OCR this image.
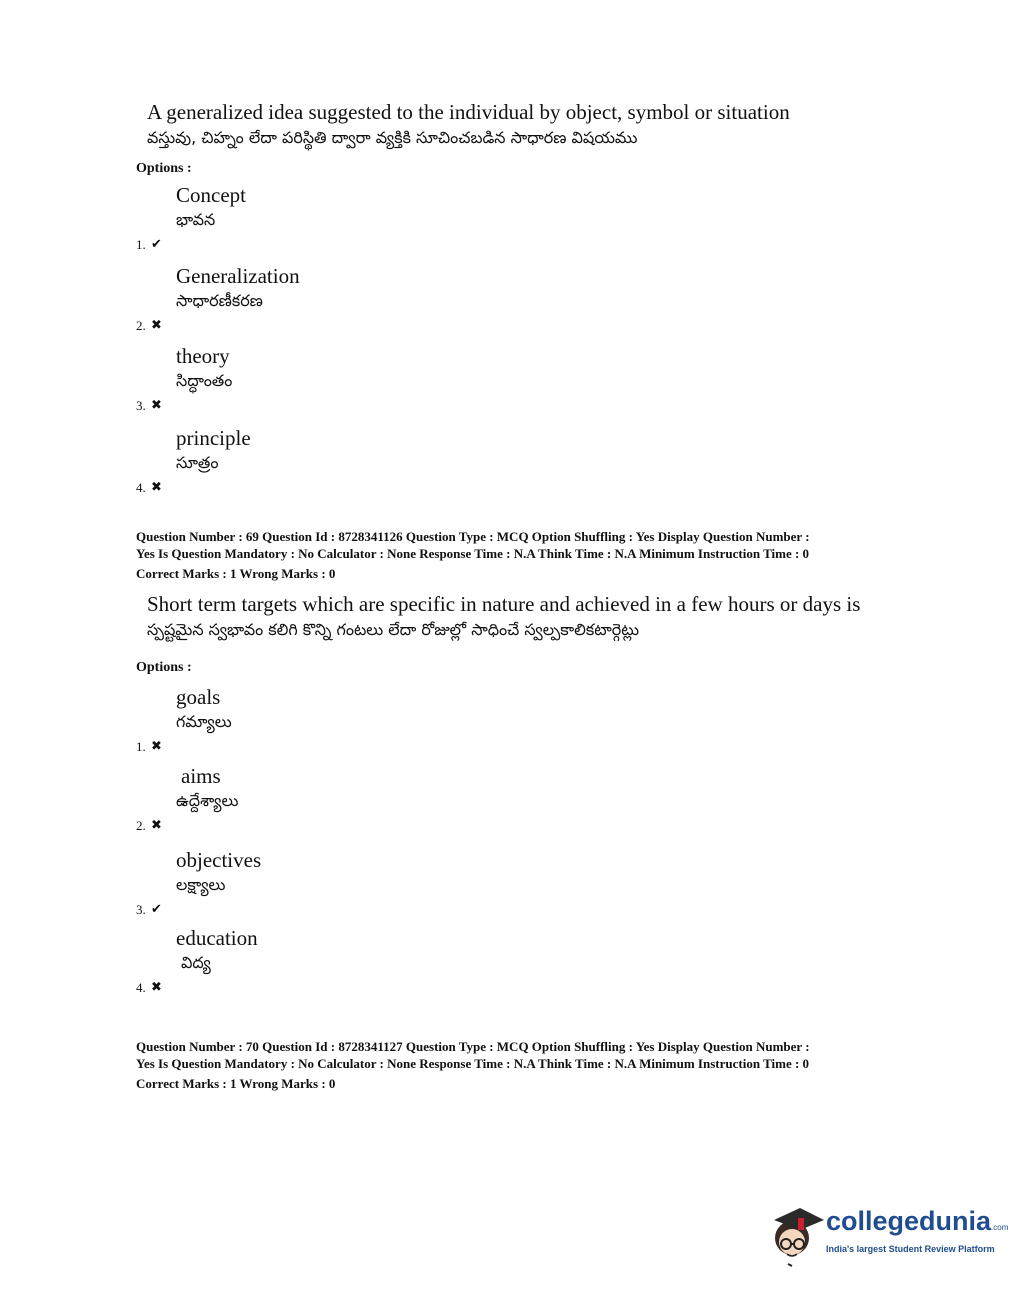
A generalized idea suggested to the individual by object, symbol or situation
వస్తువు, చిహ్నం లేదా పరిస్థితి ద్వారా వ్యక్తికి సూచించబడిన సాధారణ విషయము
Options :
Concept
భావన
1. ✔
Generalization
సాధారణీకరణ
2. ✖
theory
సిద్ధాంతం
3. ✖
principle
సూత్రం
4. ✖
Question Number : 69 Question Id : 8728341126 Question Type : MCQ Option Shuffling : Yes Display Question Number :
Yes Is Question Mandatory : No Calculator : None Response Time : N.A Think Time : N.A Minimum Instruction Time : 0
Correct Marks : 1 Wrong Marks : 0
Short term targets which are specific in nature and achieved in a few hours or days is
స్పష్టమైన స్వభావం కలిగి కొన్ని గంటలు లేదా రోజుల్లో సాధించే స్వల్పకాలికటార్గెట్లు
Options :
goals
గమ్యాలు
1. ✖
aims
ఉద్దేశ్యాలు
2. ✖
objectives
లక్ష్యాలు
3. ✔
education
విద్య
4. ✖
Question Number : 70 Question Id : 8728341127 Question Type : MCQ Option Shuffling : Yes Display Question Number :
Yes Is Question Mandatory : No Calculator : None Response Time : N.A Think Time : N.A Minimum Instruction Time : 0
Correct Marks : 1 Wrong Marks : 0
collegedunia.com
India's largest Student Review Platform
